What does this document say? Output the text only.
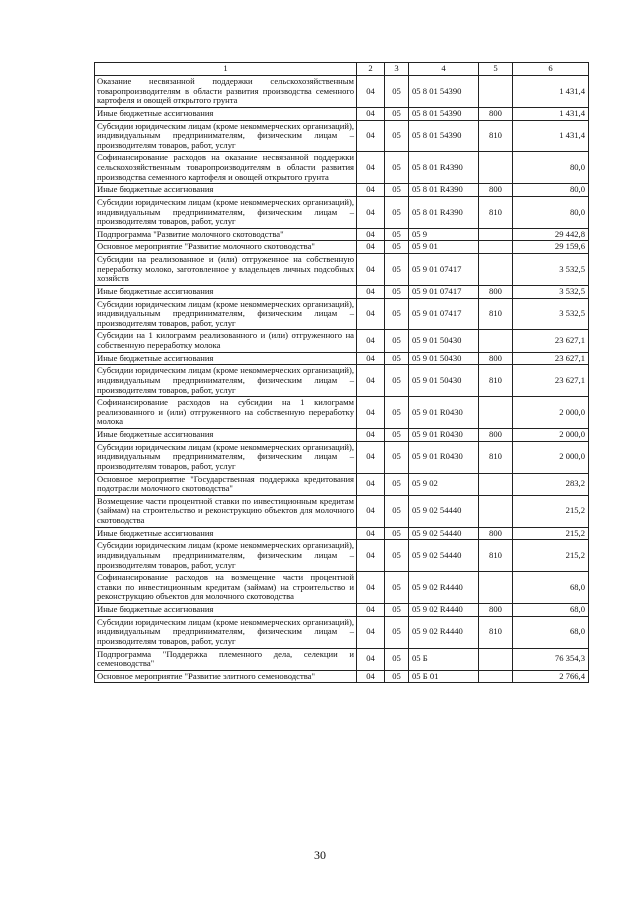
1	2	3	4	5	6
Оказание несвязанной поддержки сельскохозяйственным товаропроизводителям в области развития производства семенного картофеля и овощей открытого грунта	04	05	05 8 01 54390		1 431,4
Иные бюджетные ассигнования	04	05	05 8 01 54390	800	1 431,4
Субсидии юридическим лицам (кроме некоммерческих организаций), индивидуальным предпринимателям, физическим лицам – производителям товаров, работ, услуг	04	05	05 8 01 54390	810	1 431,4
Софинансирование расходов на оказание несвязанной поддержки сельскохозяйственным товаропроизводителям в области развития производства семенного картофеля и овощей открытого грунта	04	05	05 8 01 R4390		80,0
Иные бюджетные ассигнования	04	05	05 8 01 R4390	800	80,0
Субсидии юридическим лицам (кроме некоммерческих организаций), индивидуальным предпринимателям, физическим лицам – производителям товаров, работ, услуг	04	05	05 8 01 R4390	810	80,0
Подпрограмма "Развитие молочного скотоводства"	04	05	05 9		29 442,8
Основное мероприятие "Развитие молочного скотоводства"	04	05	05 9 01		29 159,6
Субсидии на реализованное и (или) отгруженное на собственную переработку молоко, заготовленное у владельцев личных подсобных хозяйств	04	05	05 9 01 07417		3 532,5
Иные бюджетные ассигнования	04	05	05 9 01 07417	800	3 532,5
Субсидии юридическим лицам (кроме некоммерческих организаций), индивидуальным предпринимателям, физическим лицам – производителям товаров, работ, услуг	04	05	05 9 01 07417	810	3 532,5
Субсидии на 1 килограмм реализованного и (или) отгруженного на собственную переработку молока	04	05	05 9 01 50430		23 627,1
Иные бюджетные ассигнования	04	05	05 9 01 50430	800	23 627,1
Субсидии юридическим лицам (кроме некоммерческих организаций), индивидуальным предпринимателям, физическим лицам – производителям товаров, работ, услуг	04	05	05 9 01 50430	810	23 627,1
Софинансирование расходов на субсидии на 1 килограмм реализованного и (или) отгруженного на собственную переработку молока	04	05	05 9 01 R0430		2 000,0
Иные бюджетные ассигнования	04	05	05 9 01 R0430	800	2 000,0
Субсидии юридическим лицам (кроме некоммерческих организаций), индивидуальным предпринимателям, физическим лицам – производителям товаров, работ, услуг	04	05	05 9 01 R0430	810	2 000,0
Основное мероприятие "Государственная поддержка кредитования подотрасли молочного скотоводства"	04	05	05 9 02		283,2
Возмещение части процентной ставки по инвестиционным кредитам (займам) на строительство и реконструкцию объектов для молочного скотоводства	04	05	05 9 02 54440		215,2
Иные бюджетные ассигнования	04	05	05 9 02 54440	800	215,2
Субсидии юридическим лицам (кроме некоммерческих организаций), индивидуальным предпринимателям, физическим лицам – производителям товаров, работ, услуг	04	05	05 9 02 54440	810	215,2
Софинансирование расходов на возмещение части процентной ставки по инвестиционным кредитам (займам) на строительство и реконструкцию объектов для молочного скотоводства	04	05	05 9 02 R4440		68,0
Иные бюджетные ассигнования	04	05	05 9 02 R4440	800	68,0
Субсидии юридическим лицам (кроме некоммерческих организаций), индивидуальным предпринимателям, физическим лицам – производителям товаров, работ, услуг	04	05	05 9 02 R4440	810	68,0
Подпрограмма "Поддержка племенного дела, селекции и семеноводства"	04	05	05 Б		76 354,3
Основное мероприятие "Развитие элитного семеноводства"	04	05	05 Б 01		2 766,4
30
